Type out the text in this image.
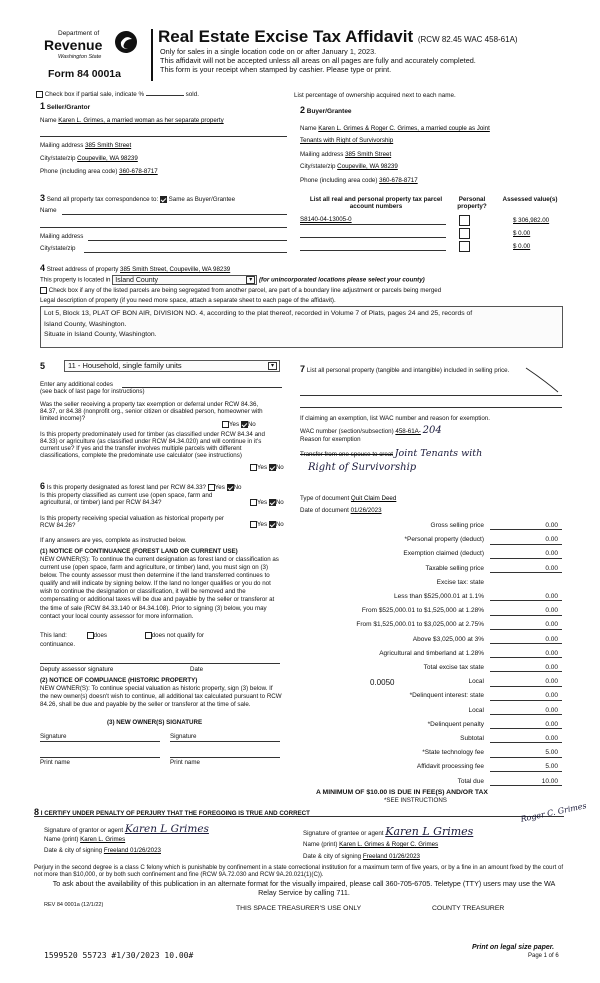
Department of
Revenue
Washington State
Form 84 0001a
Real Estate Excise Tax Affidavit (RCW 82.45 WAC 458-61A)
Only for sales in a single location code on or after January 1, 2023.
This affidavit will not be accepted unless all areas on all pages are fully and accurately completed.
This form is your receipt when stamped by cashier. Please type or print.
Check box if partial sale, indicate %	sold.	List percentage of ownership acquired next to each name.
1 Seller/Grantor
Name Karen L. Grimes, a married woman as her separate property
Mailing address 385 Smith Street
City/state/zip Coupeville, WA 98239
Phone (including area code) 360-678-8717
2 Buyer/Grantee
Name Karen L. Grimes & Roger C. Grimes, a married couple as Joint
Tenants with Right of Survivorship
Mailing address 385 Smith Street
City/state/zip Coupeville, WA 98239
Phone (including area code) 360-678-8717
3 Send all property tax correspondence to: Same as Buyer/Grantee
Name
Mailing address
City/state/zip
List all real and personal property tax parcel account numbers
Personal property?
Assessed value(s)
S8140-04-13005-0	$ 306,982.00
$ 0.00
$ 0.00
4 Street address of property 385 Smith Street, Coupeville, WA 98239
This property is located in Island County	▾	(for unincorporated locations please select your county)
Check box if any of the listed parcels are being segregated from another parcel, are part of a boundary line adjustment or parcels being merged
Legal description of property (if you need more space, attach a separate sheet to each page of the affidavit).
Lot 5, Block 13, PLAT OF BON AIR, DIVISION NO. 4, according to the plat thereof, recorded in Volume 7 of Plats, pages 24 and 25, records of
Island County, Washington.
Situate in Island County, Washington.
5	11 - Household, single family units	▾
Enter any additional codes
(see back of last page for instructions)
Was the seller receiving a property tax exemption or deferral under RCW 84.36, 84.37, or 84.38 (nonprofit org., senior citizen or disabled person, homeowner with limited income)?
Yes No
Is this property predominately used for timber (as classified under RCW 84.34 and 84.33) or agriculture (as classified under RCW 84.34.020) and will continue in it's current use? If yes and the transfer involves multiple parcels with different classifications, complete the predominate use calculator (see instructions)
Yes No
6 Is this property designated as forest land per RCW 84.33? Yes No
Is this property classified as current use (open space, farm and agricultural, or timber) land per RCW 84.34?	Yes No
Is this property receiving special valuation as historical property per RCW 84.26?	Yes No
If any answers are yes, complete as instructed below.
(1) NOTICE OF CONTINUANCE (FOREST LAND OR CURRENT USE)
NEW OWNER(S): To continue the current designation as forest land or classification as current use (open space, farm and agriculture, or timber) land, you must sign on (3) below. The county assessor must then determine if the land transferred continues to qualify and will indicate by signing below. If the land no longer qualifies or you do not wish to continue the designation or classification, it will be removed and the compensating or additional taxes will be due and payable by the seller or transferor at the time of sale (RCW 84.33.140 or 84.34.108). Prior to signing (3) below, you may contact your local county assessor for more information.
This land:	does	does not qualify for
continuance.
Deputy assessor signature	Date
(2) NOTICE OF COMPLIANCE (HISTORIC PROPERTY)
NEW OWNER(S): To continue special valuation as historic property, sign (3) below. If the new owner(s) doesn't wish to continue, all additional tax calculated pursuant to RCW 84.26, shall be due and payable by the seller or transferor at the time of sale.
(3) NEW OWNER(S) SIGNATURE
Signature	Signature
Print name	Print name
7 List all personal property (tangible and intangible) included in selling price.
If claiming an exemption, list WAC number and reason for exemption.
WAC number (section/subsection) 458-61A- 204
Reason for exemption
Transfer from one spouse to creat Joint Tenants with
Right of Survivorship
Type of document Quit Claim Deed
Date of document 01/26/2023
Gross selling price	0.00
*Personal property (deduct)	0.00
Exemption claimed (deduct)	0.00
Taxable selling price	0.00
Excise tax: state
Less than $525,000.01 at 1.1%	0.00
From $525,000.01 to $1,525,000 at 1.28%	0.00
From $1,525,000.01 to $3,025,000 at 2.75%	0.00
Above $3,025,000 at 3%	0.00
Agricultural and timberland at 1.28%	0.00
Total excise tax state	0.00
Local	0.00
*Delinquent interest: state	0.00
Local	0.00
*Delinquent penalty	0.00
Subtotal	0.00
*State technology fee	5.00
Affidavit processing fee	5.00
Total due	10.00
0.0050
A MINIMUM OF $10.00 IS DUE IN FEE(S) AND/OR TAX
*SEE INSTRUCTIONS
8 I CERTIFY UNDER PENALTY OF PERJURY THAT THE FOREGOING IS TRUE AND CORRECT
Signature of grantor or agent Karen L Grimes
Name (print) Karen L. Grimes
Date & city of signing Freeland 01/26/2023
Signature of grantee or agent Karen L Grimes
Roger C. Grimes
Name (print) Karen L. Grimes & Roger C. Grimes
Date & city of signing Freeland 01/26/2023
Perjury in the second degree is a class C felony which is punishable by confinement in a state correctional institution for a maximum term of five years, or by a fine in an amount fixed by the court of not more than $10,000, or by both such confinement and fine (RCW 9A.72.030 and RCW 9A.20.021(1)(C)).
To ask about the availability of this publication in an alternate format for the visually impaired, please call 360-705-6705. Teletype (TTY) users may use the WA Relay Service by calling 711.
REV 84 0001a (12/1/22)	THIS SPACE TREASURER'S USE ONLY	COUNTY TREASURER
1599520 55723 #1/30/2023 10.00#
Print on legal size paper.
Page 1 of 6
